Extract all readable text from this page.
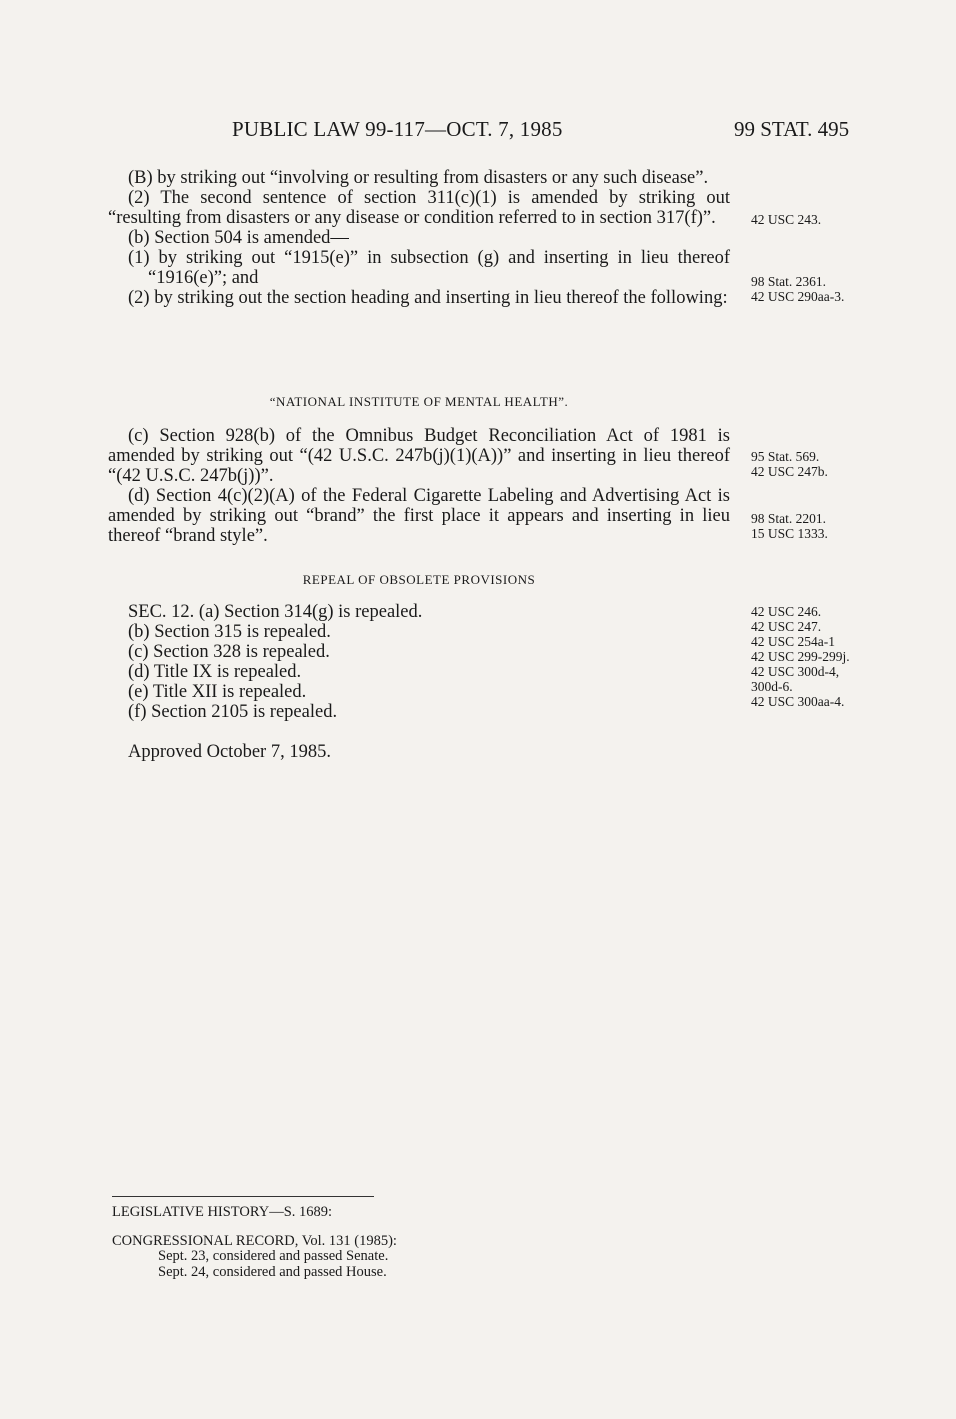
PUBLIC LAW 99-117—OCT. 7, 1985	99 STAT. 495

(B) by striking out “involving or resulting from disasters or any such disease”.

(2) The second sentence of section 311(c)(1) is amended by striking out “resulting from disasters or any disease or condition referred to in section 317(f)”.

(b) Section 504 is amended—

(1) by striking out “1915(e)” in subsection (g) and inserting in lieu thereof “1916(e)”; and

(2) by striking out the section heading and inserting in lieu thereof the following:

“NATIONAL INSTITUTE OF MENTAL HEALTH”.

(c) Section 928(b) of the Omnibus Budget Reconciliation Act of 1981 is amended by striking out “(42 U.S.C. 247b(j)(1)(A))” and inserting in lieu thereof “(42 U.S.C. 247b(j))”.

(d) Section 4(c)(2)(A) of the Federal Cigarette Labeling and Advertising Act is amended by striking out “brand” the first place it appears and inserting in lieu thereof “brand style”.

REPEAL OF OBSOLETE PROVISIONS

SEC. 12. (a) Section 314(g) is repealed.

(b) Section 315 is repealed.

(c) Section 328 is repealed.

(d) Title IX is repealed.

(e) Title XII is repealed.

(f) Section 2105 is repealed.

Approved October 7, 1985.

42 USC 243.
98 Stat. 2361.
42 USC 290aa-3.
95 Stat. 569.
42 USC 247b.
98 Stat. 2201.
15 USC 1333.
42 USC 246.
42 USC 247.
42 USC 254a-1
42 USC 299-299j.
42 USC 300d-4,
300d-6.
42 USC 300aa-4.
LEGISLATIVE HISTORY—S. 1689:
CONGRESSIONAL RECORD, Vol. 131 (1985):
Sept. 23, considered and passed Senate.
Sept. 24, considered and passed House.
